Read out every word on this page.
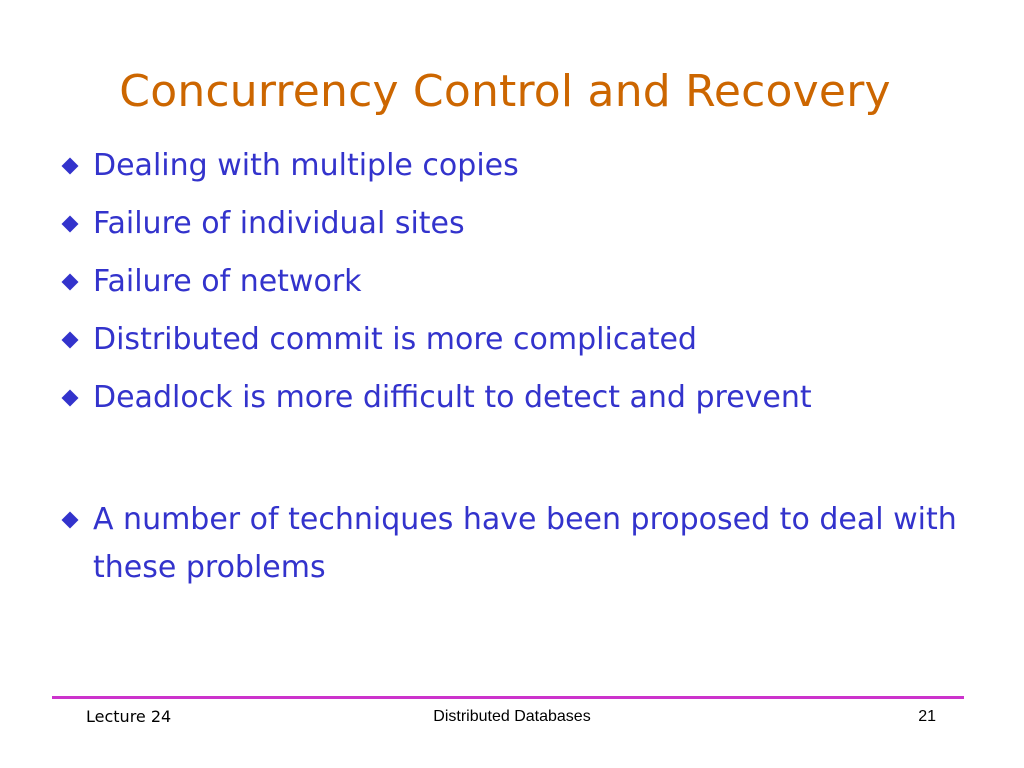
Concurrency Control and Recovery
Dealing with multiple copies
Failure of individual sites
Failure of network
Distributed commit is more complicated
Deadlock is more difficult to detect and prevent
A number of techniques have been proposed to deal with these problems
Lecture 24	Distributed Databases	21
